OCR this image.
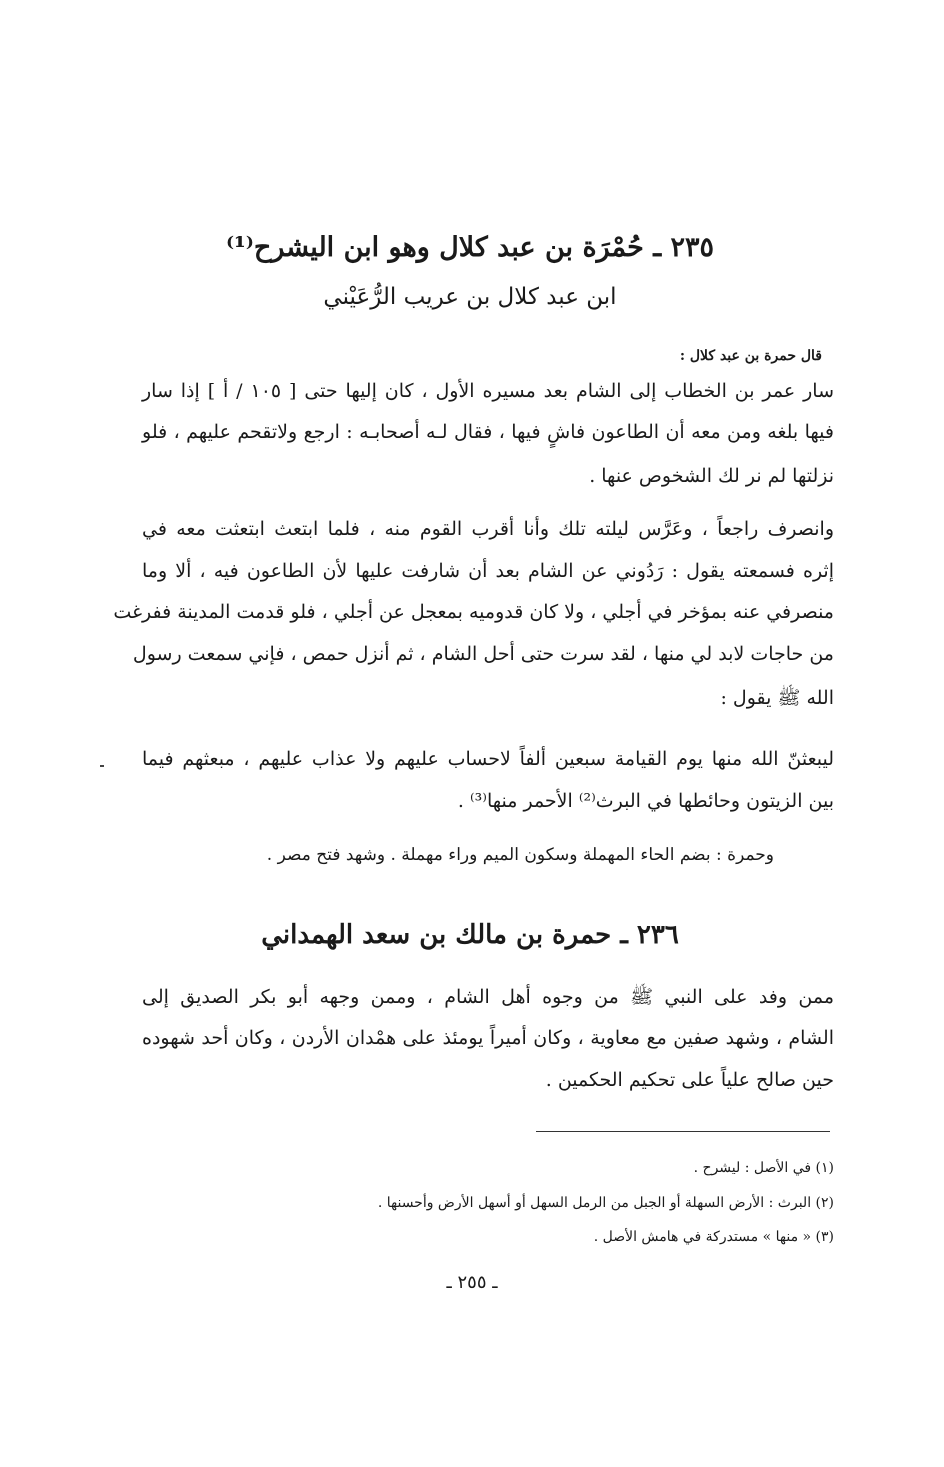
٢٣٥ ـ حُمْرَة بن عبد كلال وهو ابن اليشرح⁽¹⁾
ابن عبد كلال بن عريب الرُّعَيْني
قال حمرة بن عبد كلال :
سار عمر بن الخطاب إلى الشام بعد مسيره الأول ، كان إليها حتى [ ١٠٥ / أ ] إذا سار
فيها بلغه ومن معه أن الطاعون فاشٍ فيها ، فقال لـه أصحابـه : ارجع ولاتقحم عليهم ، فلو
نزلتها لم نر لك الشخوص عنها .
وانصرف راجعاً ، وعَرَّس ليلته تلك وأنا أقرب القوم منه ، فلما ابتعث ابتعثت معه في
إثره فسمعته يقول : رَدُوني عن الشام بعد أن شارفت عليها لأن الطاعون فيه ، ألا وما
منصرفي عنه بمؤخر في أجلي ، ولا كان قدوميه بمعجل عن أجلي ، فلو قدمت المدينة ففرغت
من حاجات لابد لي منها ، لقد سرت حتى أحل الشام ، ثم أنزل حمص ، فإني سمعت رسول
الله ﷺ يقول :
ليبعثنّ الله منها يوم القيامة سبعين ألفاً لاحساب عليهم ولا عذاب عليهم ، مبعثهم فيما
بين الزيتون وحائطها في البرث⁽²⁾ الأحمر منها⁽³⁾ .
وحمرة : بضم الحاء المهملة وسكون الميم وراء مهملة . وشهد فتح مصر .
٢٣٦ ـ حمرة بن مالك بن سعد الهمداني
ممن وفد على النبي ﷺ من وجوه أهل الشام ، وممن وجهه أبو بكر الصديق إلى
الشام ، وشهد صفين مع معاوية ، وكان أميراً يومئذ على همْدان الأردن ، وكان أحد شهوده
حين صالح علياً على تحكيم الحكمين .
(١) في الأصل : ليشرح .
(٢) البرث : الأرض السهلة أو الجبل من الرمل السهل أو أسهل الأرض وأحسنها .
(٣) « منها » مستدركة في هامش الأصل .
ـ ٢٥٥ ـ
